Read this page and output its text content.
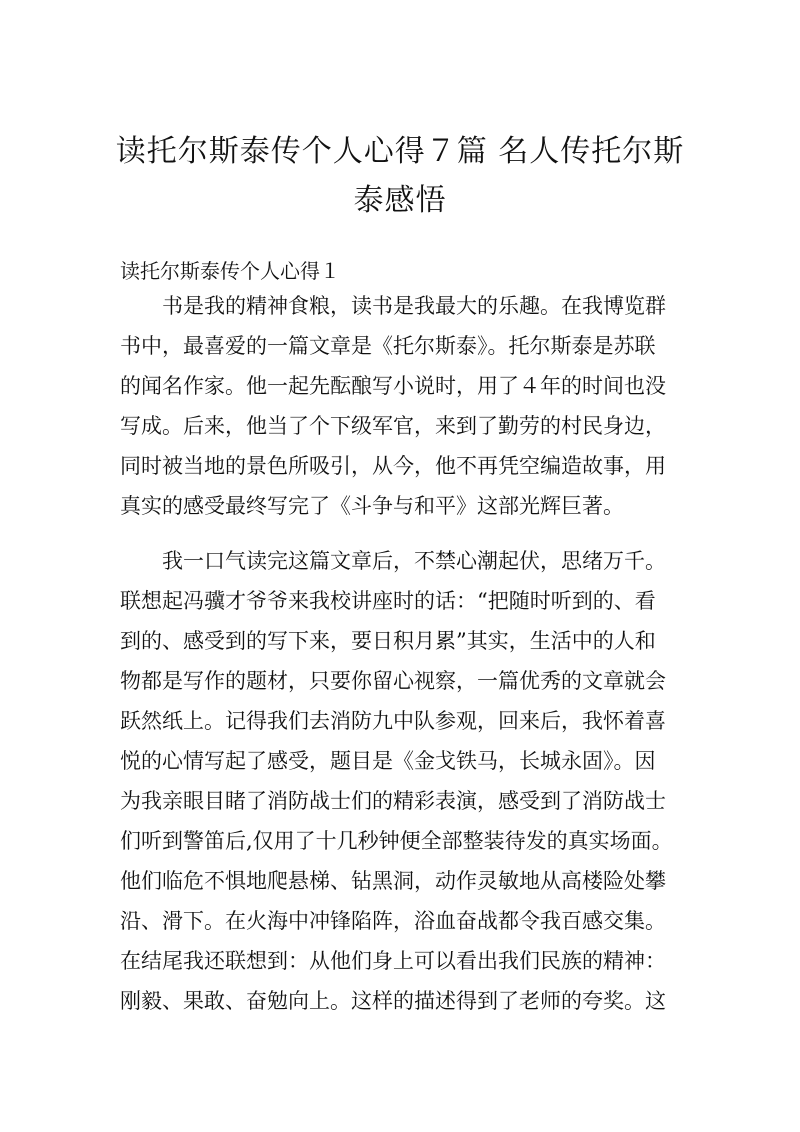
读托尔斯泰传个人心得７篇 名人传托尔斯
泰感悟
读托尔斯泰传个人心得１
　　书是我的精神食粮，读书是我最大的乐趣。在我博览群
书中，最喜爱的一篇文章是《托尔斯泰》。托尔斯泰是苏联
的闻名作家。他一起先酝酿写小说时，用了４年的时间也没
写成。后来，他当了个下级军官，来到了勤劳的村民身边，
同时被当地的景色所吸引，从今，他不再凭空编造故事，用
真实的感受最终写完了《斗争与和平》这部光辉巨著。
　　我一口气读完这篇文章后，不禁心潮起伏，思绪万千。
联想起冯骥才爷爷来我校讲座时的话：“把随时听到的、看
到的、感受到的写下来，要日积月累”其实，生活中的人和
物都是写作的题材，只要你留心视察，一篇优秀的文章就会
跃然纸上。记得我们去消防九中队参观，回来后，我怀着喜
悦的心情写起了感受，题目是《金戈铁马，长城永固》。因
为我亲眼目睹了消防战士们的精彩表演，感受到了消防战士
们听到警笛后,仅用了十几秒钟便全部整装待发的真实场面。
他们临危不惧地爬悬梯、钻黑洞，动作灵敏地从高楼险处攀
沿、滑下。在火海中冲锋陷阵，浴血奋战都令我百感交集。
在结尾我还联想到：从他们身上可以看出我们民族的精神：
刚毅、果敢、奋勉向上。这样的描述得到了老师的夸奖。这
